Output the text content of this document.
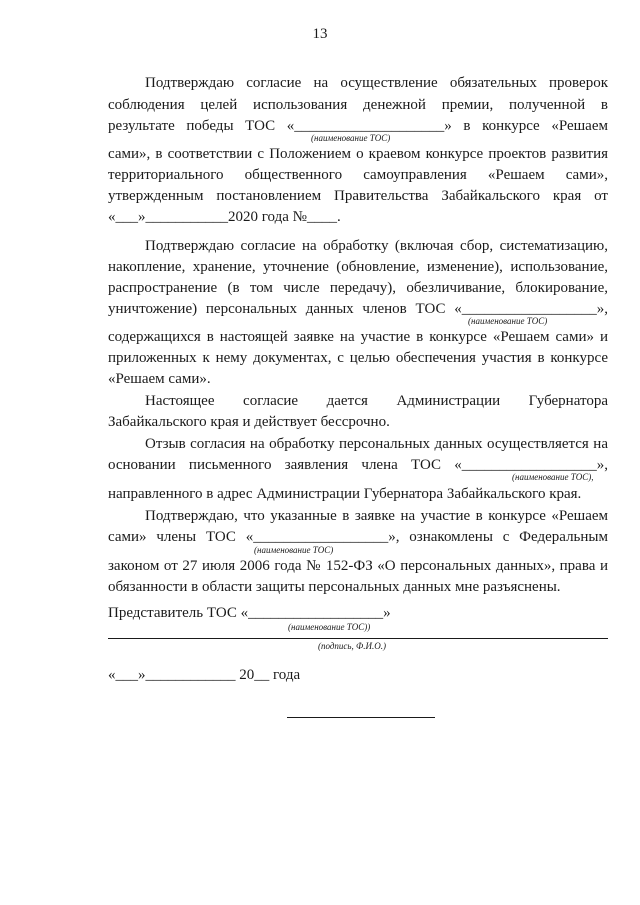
13
Подтверждаю согласие на осуществление обязательных проверок
соблюдения целей использования денежной премии, полученной в
результате победы ТОС «____________________» в конкурсе «Решаем
(наименование ТОС)
сами», в соответствии с Положением о краевом конкурсе проектов развития
территориального общественного самоуправления «Решаем сами»,
утвержденным постановлением Правительства Забайкальского края от
«___»___________2020 года №____.
Подтверждаю согласие на обработку (включая сбор, систематизацию,
накопление, хранение, уточнение (обновление, изменение), использование,
распространение (в том числе передачу), обезличивание, блокирование,
уничтожение) персональных данных членов ТОС «__________________»,
(наименование ТОС)
содержащихся в настоящей заявке на участие в конкурсе «Решаем сами» и
приложенных к нему документах, с целью обеспечения участия в конкурсе
«Решаем сами».
Настоящее согласие дается Администрации Губернатора
Забайкальского края и действует бессрочно.
Отзыв согласия на обработку персональных данных осуществляется на
основании письменного заявления члена ТОС «__________________»,
(наименование ТОС),
направленного в адрес Администрации Губернатора Забайкальского края.
Подтверждаю, что указанные в заявке на участие в конкурсе «Решаем
сами» члены ТОС «__________________», ознакомлены с Федеральным
(наименование ТОС)
законом от 27 июля 2006 года № 152-ФЗ «О персональных данных», права и
обязанности в области защиты персональных данных мне разъяснены.
Представитель ТОС «__________________»
(наименование ТОС))
(подпись, Ф.И.О.)
«___»____________ 20__ года
